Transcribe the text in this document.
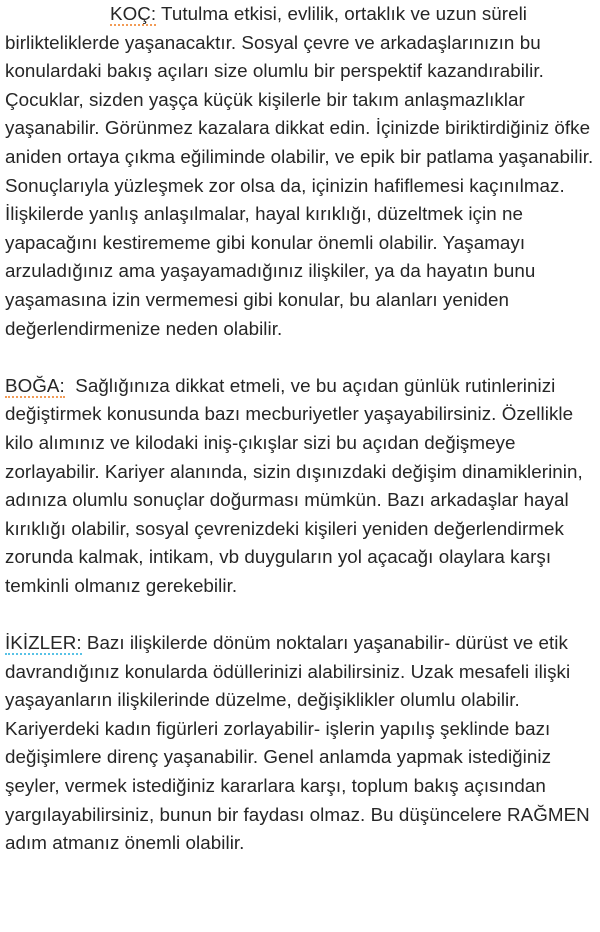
KOÇ: Tutulma etkisi, evlilik, ortaklık ve uzun süreli birlikteliklerde yaşanacaktır. Sosyal çevre ve arkadaşlarınızın bu konulardaki bakış açıları size olumlu bir perspektif kazandırabilir. Çocuklar, sizden yaşça küçük kişilerle bir takım anlaşmazlıklar yaşanabilir. Görünmez kazalara dikkat edin. İçinizde biriktirdiğiniz öfke aniden ortaya çıkma eğiliminde olabilir, ve epik bir patlama yaşanabilir. Sonuçlarıyla yüzleşmek zor olsa da, içinizin hafiflemesi kaçınılmaz. İlişkilerde yanlış anlaşılmalar, hayal kırıklığı, düzeltmek için ne yapacağını kestirememe gibi konular önemli olabilir. Yaşamayı arzuladığınız ama yaşayamadığınız ilişkiler, ya da hayatın bunu yaşamasına izin vermemesi gibi konular, bu alanları yeniden değerlendirmenize neden olabilir.

BOĞA:  Sağlığınıza dikkat etmeli, ve bu açıdan günlük rutinlerinizi değiştirmek konusunda bazı mecburiyetler yaşayabilirsiniz. Özellikle kilo alımınız ve kilodaki iniş-çıkışlar sizi bu açıdan değişmeye zorlayabilir. Kariyer alanında, sizin dışınızdaki değişim dinamiklerinin, adınıza olumlu sonuçlar doğurması mümkün. Bazı arkadaşlar hayal kırıklığı olabilir, sosyal çevrenizdeki kişileri yeniden değerlendirmek zorunda kalmak, intikam, vb duyguların yol açacağı olaylara karşı temkinli olmanız gerekebilir.

İKİZLER: Bazı ilişkilerde dönüm noktaları yaşanabilir- dürüst ve etik davrandığınız konularda ödüllerinizi alabilirsiniz. Uzak mesafeli ilişki yaşayanların ilişkilerinde düzelme, değişiklikler olumlu olabilir. Kariyerdeki kadın figürleri zorlayabilir- işlerin yapılış şeklinde bazı değişimlere direnç yaşanabilir. Genel anlamda yapmak istediğiniz şeyler, vermek istediğiniz kararlara karşı, toplum bakış açısından yargılayabilirsiniz, bunun bir faydası olmaz. Bu düşüncelere RAĞMEN adım atmanız önemli olabilir.
